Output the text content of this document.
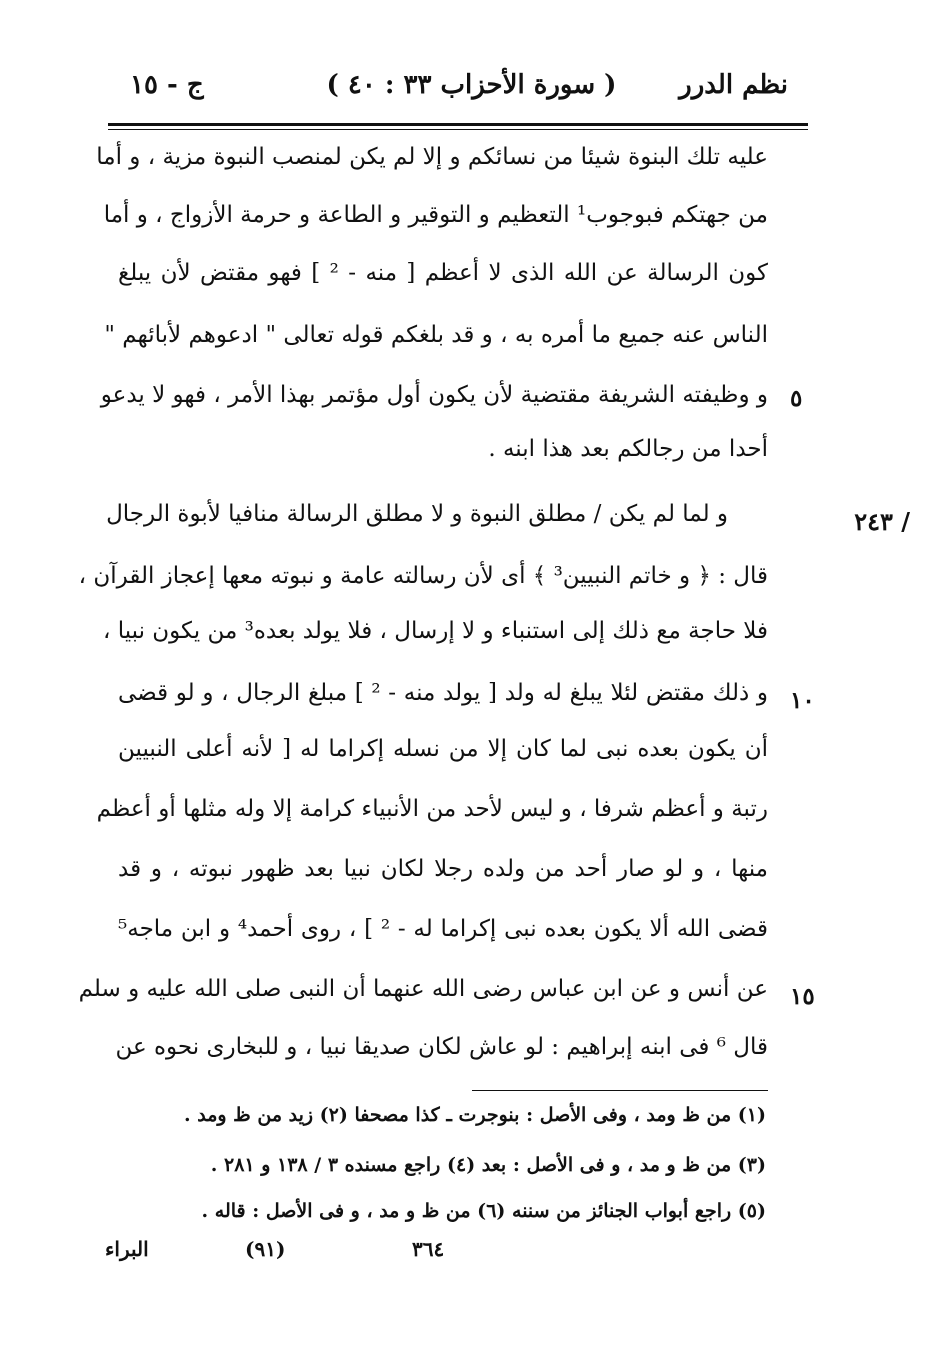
نظم الدرر
( سورة الأحزاب ٣٣ : ٤٠ )
ج - ١٥
/ ٢٤٣
عليه تلك البنوة شيئا من نسائكم و إلا لم يكن لمنصب النبوة مزية ، و أما
من جهتكم فبوجوب¹ التعظيم و التوقير و الطاعة و حرمة الأزواج ، و أما
كون الرسالة عن الله الذى لا أعظم [ منه - ² ] فهو مقتض لأن يبلغ
الناس عنه جميع ما أمره به ، و قد بلغكم قوله تعالى " ادعوهم لأبائهم "
و وظيفته الشريفة مقتضية لأن يكون أول مؤتمر بهذا الأمر ، فهو لا يدعو
أحدا من رجالكم بعد هذا ابنه .
و لما لم يكن / مطلق النبوة و لا مطلق الرسالة منافيا لأبوة الرجال
قال : ﴿ و خاتم النبيين³ ﴾ أى لأن رسالته عامة و نبوته معها إعجاز القرآن ،
فلا حاجة مع ذلك إلى استنباء و لا إرسال ، فلا يولد بعده³ من يكون نبيا ،
و ذلك مقتض لئلا يبلغ له ولد [ يولد منه - ² ] مبلغ الرجال ، و لو قضى
أن يكون بعده نبى لما كان إلا من نسله إكراما له [ لأنه أعلى النبيين
رتبة و أعظم شرفا ، و ليس لأحد من الأنبياء كرامة إلا وله مثلها أو أعظم
منها ، و لو صار أحد من ولده رجلا لكان نبيا بعد ظهور نبوته ، و قد
قضى الله ألا يكون بعده نبى إكراما له - ² ] ، روى أحمد⁴ و ابن ماجه⁵
عن أنس و عن ابن عباس رضى الله عنهما أن النبى صلى الله عليه و سلم
قال ⁶ فى ابنه إبراهيم : لو عاش لكان صديقا نبيا ، و للبخارى نحوه عن
٥
١٠
١٥
(١) من ظ ومد ، وفى الأصل : بنوجرت ـ كذا مصحفا (٢) زيد من ظ ومد .
(٣) من ظ و مد ، و فى الأصل : بعد (٤) راجع مسنده ٣ / ١٣٨ و ٢٨١ .
(٥) راجع أبواب الجنائز من سننه (٦) من ظ و مد ، و فى الأصل : قاله .
البراء	(٩١)	٣٦٤
